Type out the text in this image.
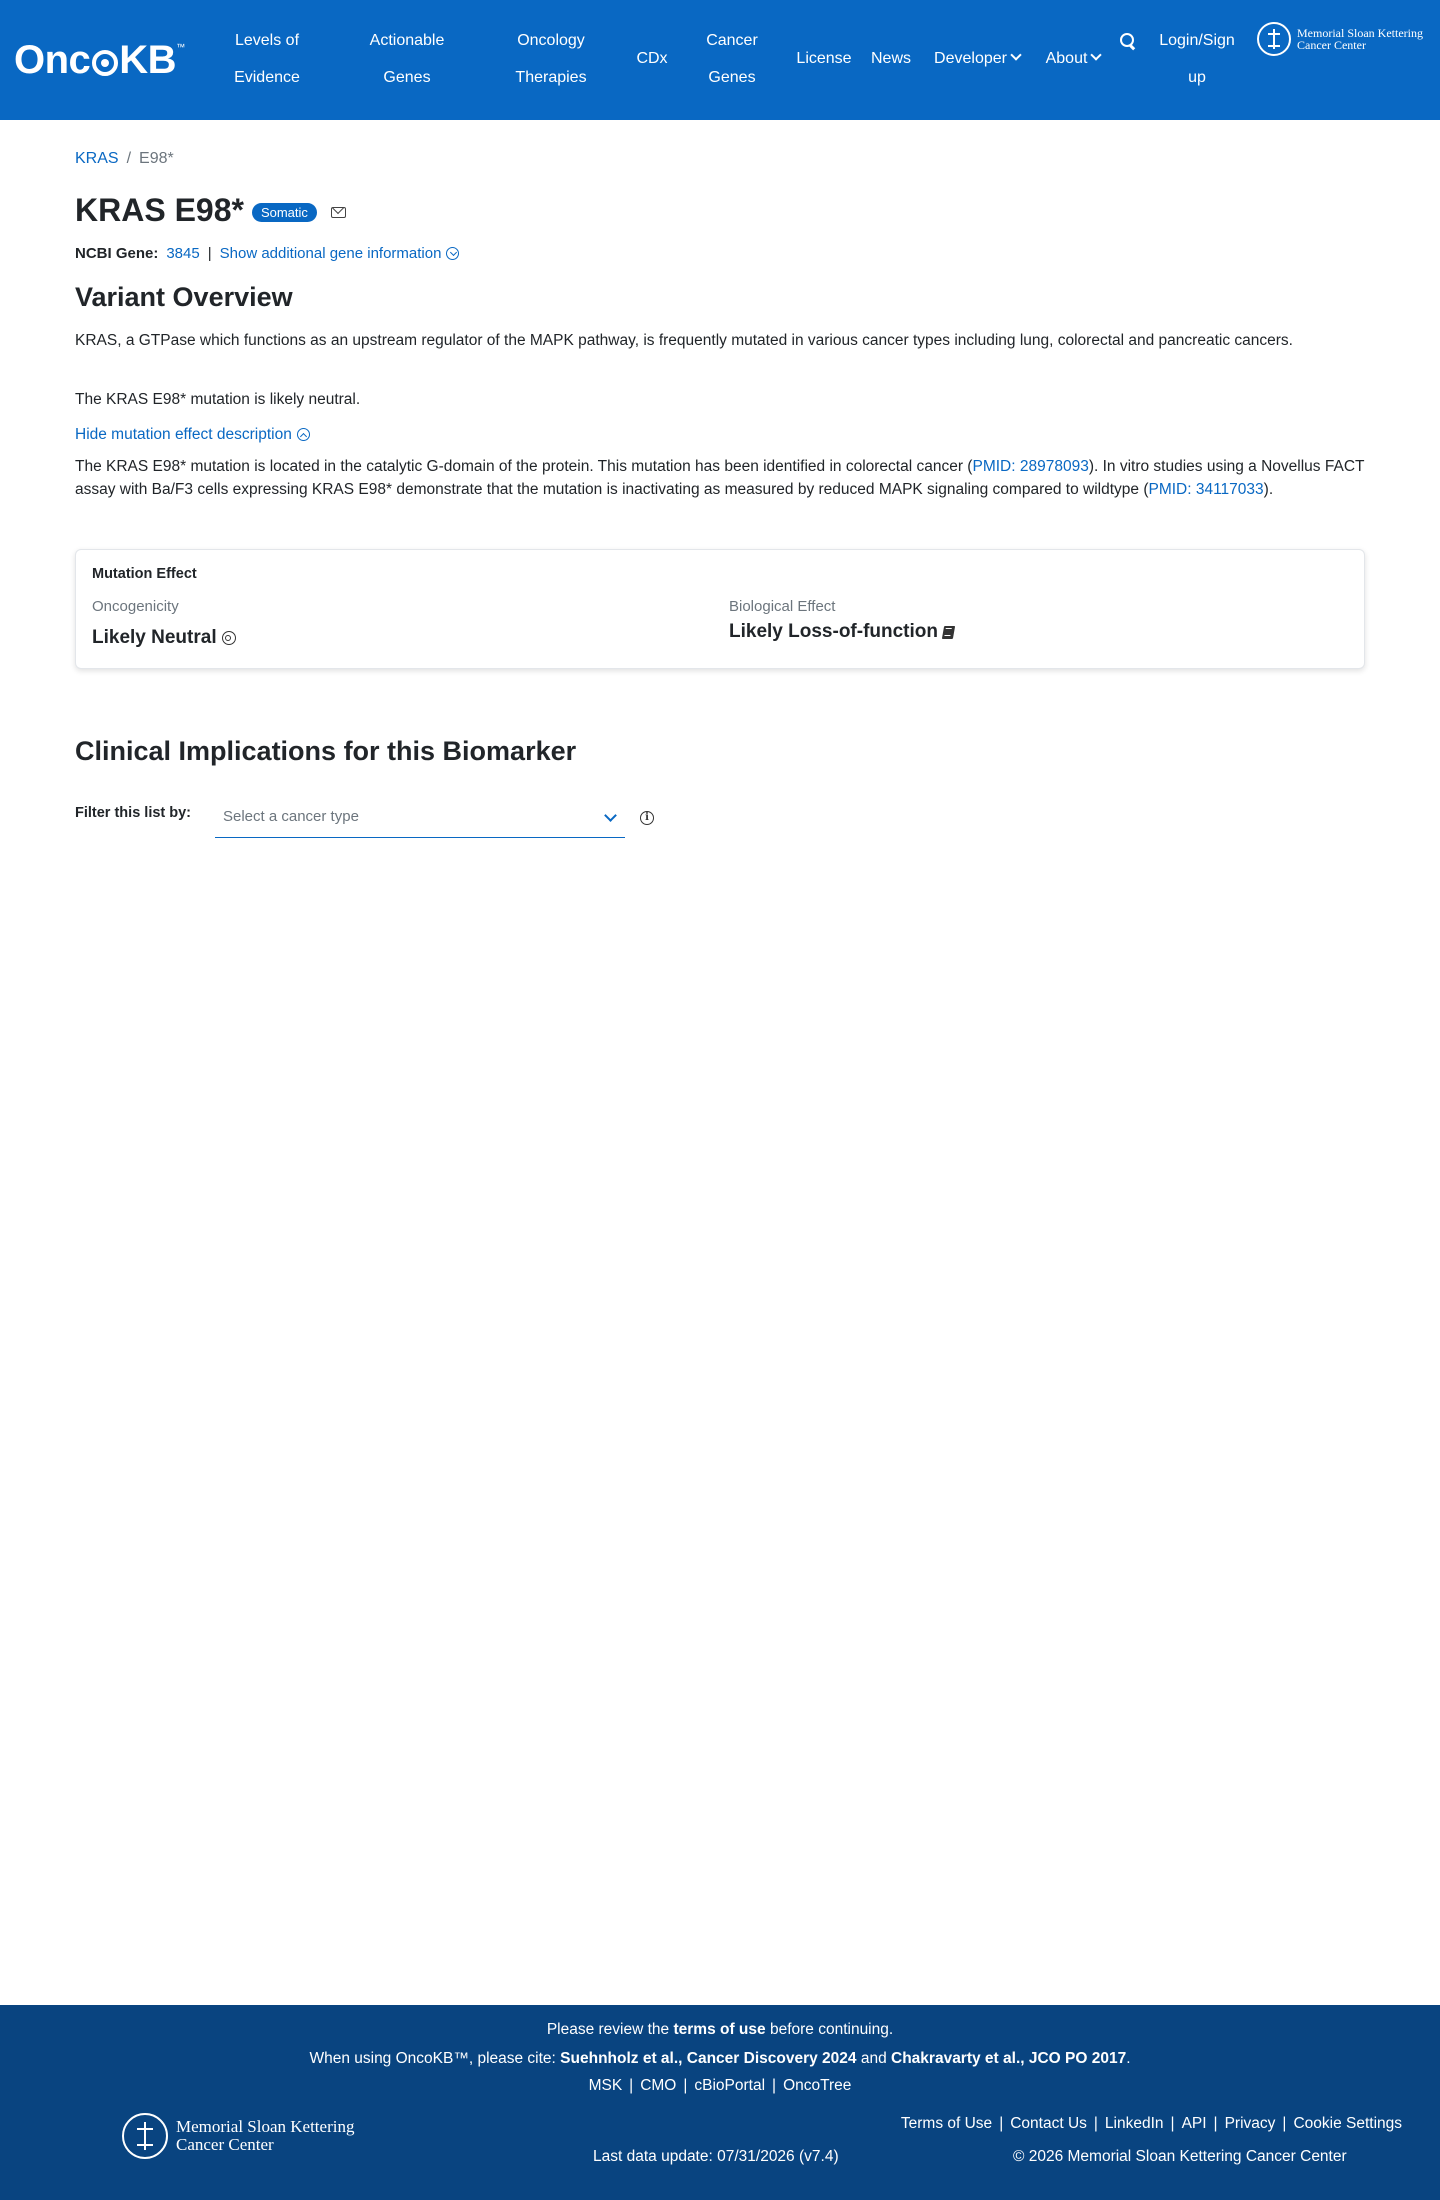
Onc KB ™	Levels of
Evidence
Actionable
Genes
Oncology
Therapies
CDx
Cancer
Genes
License News	Developer	About
Login/Sign
up
Memorial Sloan Kettering
Cancer Center
KRAS / E98*
KRAS E98*	Somatic
NCBI Gene: 3845 | Show additional gene information
Variant Overview
KRAS, a GTPase which functions as an upstream regulator of the MAPK pathway, is frequently mutated in various cancer types including lung, colorectal and pancreatic cancers.
The KRAS E98* mutation is likely neutral.
Hide mutation effect description
The KRAS E98* mutation is located in the catalytic G-domain of the protein. This mutation has been identified in colorectal cancer (PMID: 28978093). In vitro studies using a Novellus FACT assay with Ba/F3 cells expressing KRAS E98* demonstrate that the mutation is inactivating as measured by reduced MAPK signaling compared to wildtype (PMID: 34117033).
Mutation Effect
Oncogenicity
Likely Neutral
Biological Effect
Likely Loss-of-function
Clinical Implications for this Biomarker
Filter this list by: Select a cancer type	i
Please review the terms of use before continuing.
When using OncoKB™, please cite: Suehnholz et al., Cancer Discovery 2024 and Chakravarty et al., JCO PO 2017.
MSK | CMO | cBioPortal | OncoTree
Memorial Sloan Kettering
Cancer Center
Last data update: 07/31/2026 (v7.4)
Terms of Use | Contact Us | LinkedIn | API | Privacy | Cookie Settings
© 2026 Memorial Sloan Kettering Cancer Center
